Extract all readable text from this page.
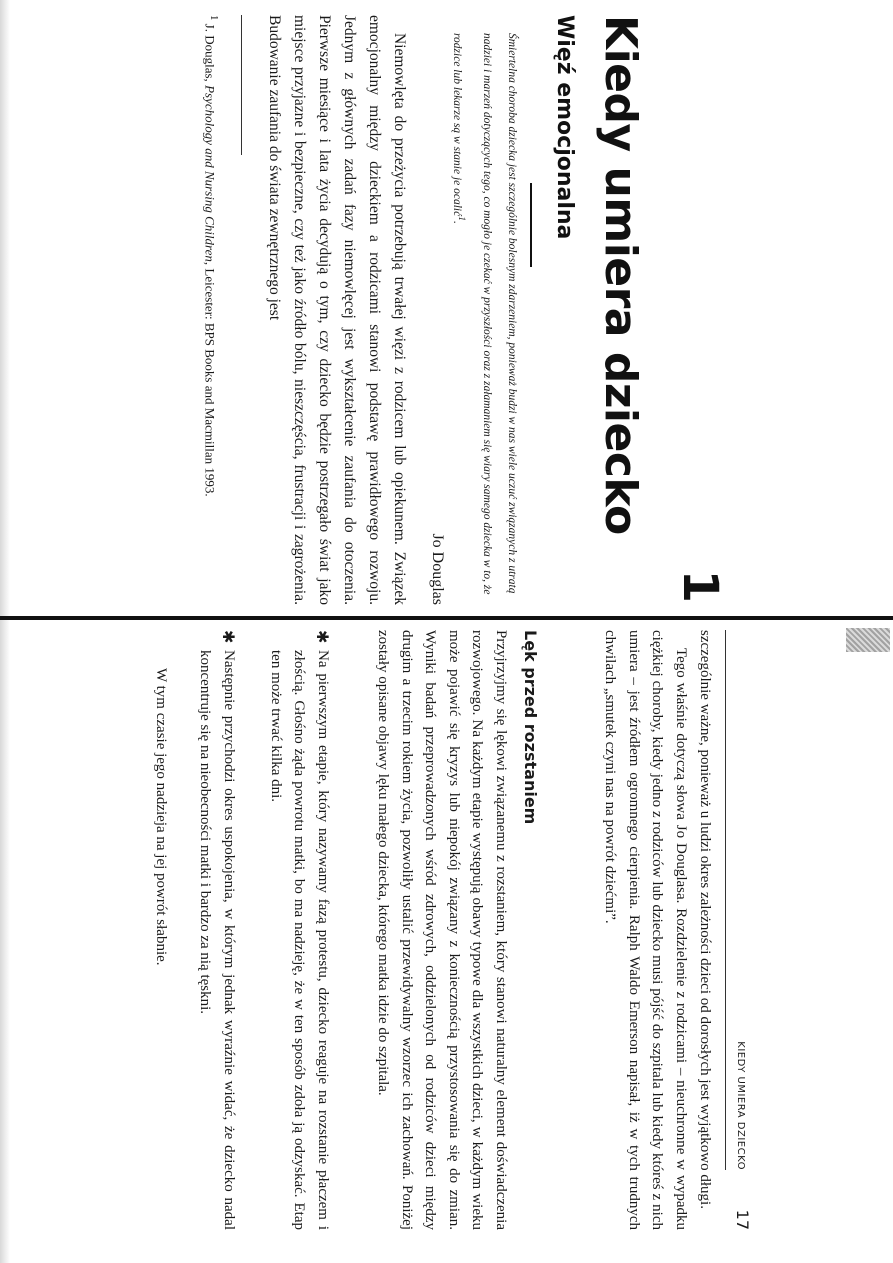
1
Kiedy umiera dziecko
Więź emocjonalna

Śmiertelna choroba dziecka jest szczególnie bolesnym zdarzeniem, ponieważ budzi w nas wiele uczuć związanych z utratą nadziei i marzeń dotyczących tego, co mogło je czekać w przyszłości oraz z załamaniem się wiary samego dziecka w to, że rodzice lub lekarze są w stanie je ocalić$^1$.

Jo Douglas

Niemowlęta do przeżycia potrzebują trwałej więzi z rodzicem lub opiekunem. Związek emocjonalny między dzieckiem a rodzicami stanowi podstawę prawidłowego rozwoju. Jednym z głównych zadań fazy niemowlęcej jest wykształcenie zaufania do otoczenia. Pierwsze miesiące i lata życia decydują o tym, czy dziecko będzie postrzegało świat jako miejsce przyjazne i bezpieczne, czy też jako źródło bólu, nieszczęścia, frustracji i zagrożenia. Budowanie zaufania do świata zewnętrznego jest

$^1$ J. Douglas, Psychology and Nursing Children, Leicester: BPS Books and Macmillan 1993.

KIEDY UMIERA DZIECKO
17

szczególnie ważne, ponieważ u ludzi okres zależności dzieci od dorosłych jest wyjątkowo długi.

Tego właśnie dotyczą słowa Jo Douglasa. Rozdzielenie z rodzicami – nieuchronne w wypadku ciężkiej choroby, kiedy jedno z rodziców lub dziecko musi pójść do szpitala lub kiedy któreś z nich umiera – jest źródłem ogromnego cierpienia. Ralph Waldo Emerson napisał, iż w tych trudnych chwilach „smutek czyni nas na powrót dziećmi”.

Lęk przed rozstaniem

Przyjrzyjmy się lękowi związanemu z rozstaniem, który stanowi naturalny element doświadczenia rozwojowego. Na każdym etapie występują obawy typowe dla wszystkich dzieci, w każdym wieku może pojawić się kryzys lub niepokój związany z koniecznością przystosowania się do zmian. Wyniki badań przeprowadzonych wśród zdrowych, oddzielonych od rodziców dzieci między drugim a trzecim rokiem życia, pozwoliły ustalić przewidywalny wzorzec ich zachowań. Poniżej zostały opisane objawy lęku małego dziecka, którego matka idzie do szpitala.

✱
Na pierwszym etapie, który nazywamy fazą protestu, dziecko reaguje na rozstanie płaczem i złością. Głośno żąda powrotu matki, bo ma nadzieję, że w ten sposób zdoła ją odzyskać. Etap ten może trwać kilka dni.

✱
Następnie przychodzi okres uspokojenia, w którym jednak wyraźnie widać, że dziecko nadal koncentruje się na nieobecności matki i bardzo za nią tęskni.

W tym czasie jego nadzieja na jej powrót słabnie.
